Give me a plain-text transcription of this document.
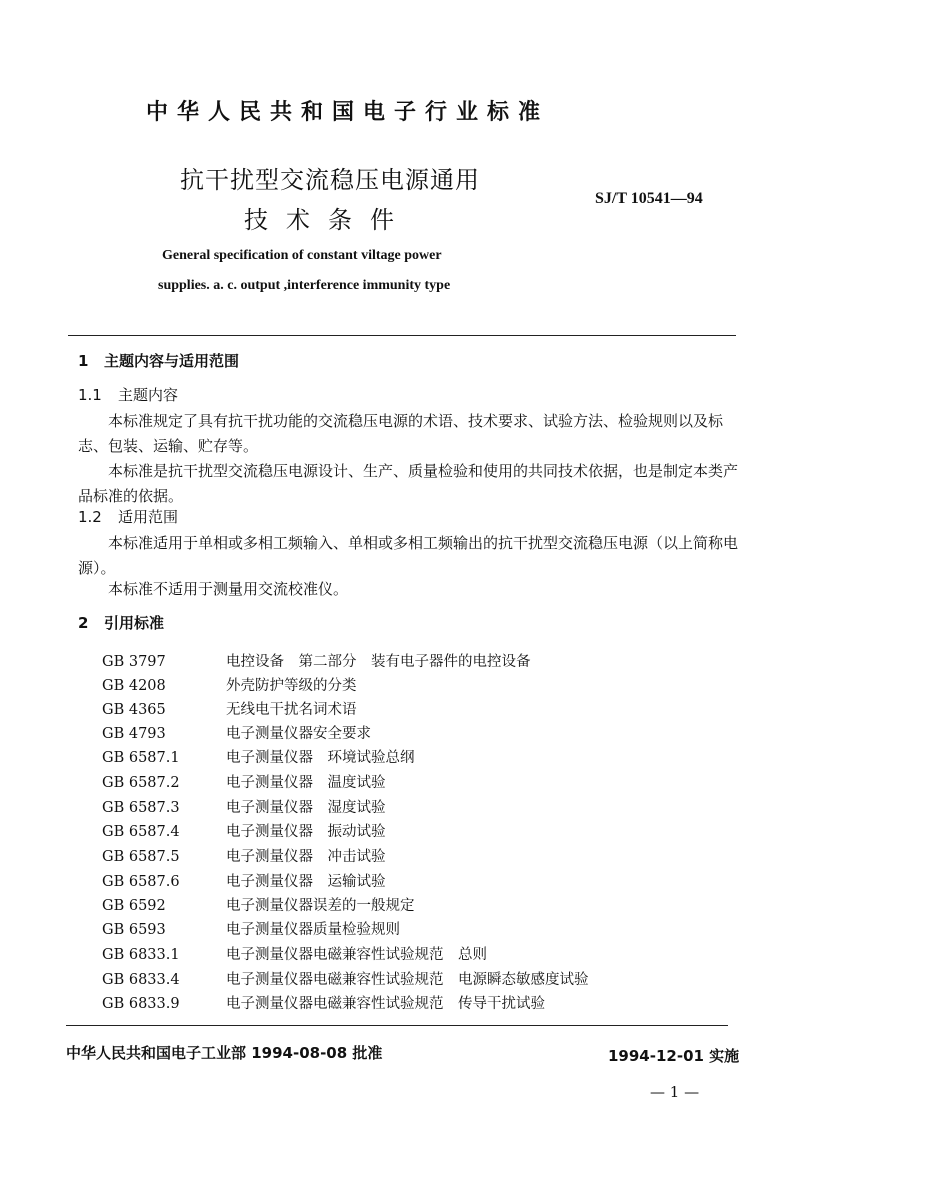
中华人民共和国电子行业标准
抗干扰型交流稳压电源通用
技术条件
SJ/T 10541—94
General specification of constant viltage power
supplies. a. c. output ,interference immunity type
1 主题内容与适用范围
1.1 主题内容
本标准规定了具有抗干扰功能的交流稳压电源的术语、技术要求、试验方法、检验规则以及标志、包装、运输、贮存等。
本标准是抗干扰型交流稳压电源设计、生产、质量检验和使用的共同技术依据，也是制定本类产品标准的依据。
1.2 适用范围
本标准适用于单相或多相工频输入、单相或多相工频输出的抗干扰型交流稳压电源（以上简称电源）。
本标准不适用于测量用交流校准仪。
2 引用标准
GB 3797	电控设备　第二部分　装有电子器件的电控设备
GB 4208	外壳防护等级的分类
GB 4365	无线电干扰名词术语
GB 4793	电子测量仪器安全要求
GB 6587.1	电子测量仪器　环境试验总纲
GB 6587.2	电子测量仪器　温度试验
GB 6587.3	电子测量仪器　湿度试验
GB 6587.4	电子测量仪器　振动试验
GB 6587.5	电子测量仪器　冲击试验
GB 6587.6	电子测量仪器　运输试验
GB 6592	电子测量仪器误差的一般规定
GB 6593	电子测量仪器质量检验规则
GB 6833.1	电子测量仪器电磁兼容性试验规范　总则
GB 6833.4	电子测量仪器电磁兼容性试验规范　电源瞬态敏感度试验
GB 6833.9	电子测量仪器电磁兼容性试验规范　传导干扰试验
中华人民共和国电子工业部 1994-08-08 批准	1994-12-01 实施
— 1 —
